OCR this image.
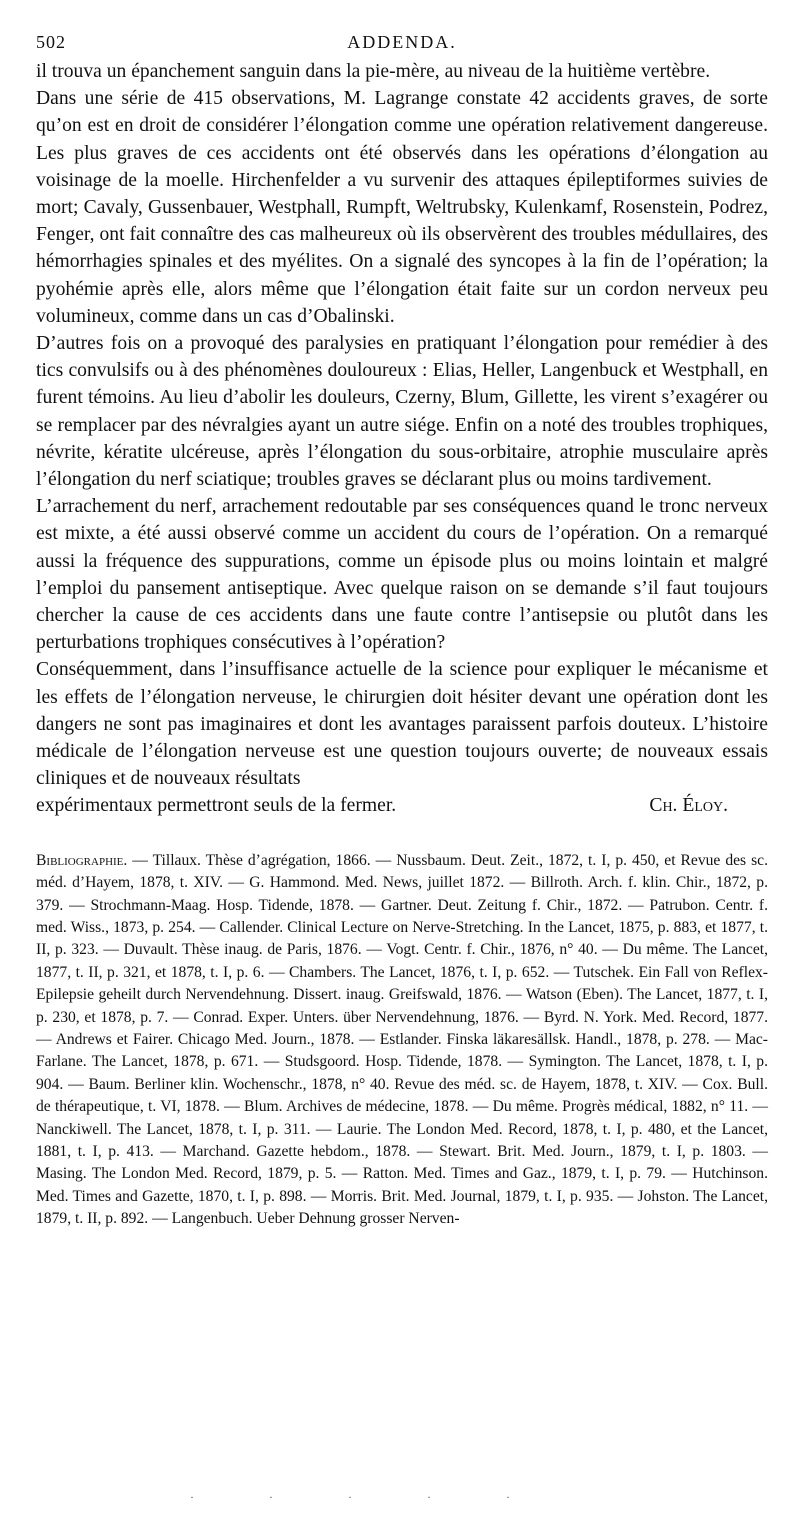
502	ADDENDA.

il trouva un épanchement sanguin dans la pie-mère, au niveau de la huitième vertèbre.

Dans une série de 415 observations, M. Lagrange constate 42 accidents graves, de sorte qu’on est en droit de considérer l’élongation comme une opération relativement dangereuse. Les plus graves de ces accidents ont été observés dans les opérations d’élongation au voisinage de la moelle. Hirchenfelder a vu survenir des attaques épileptiformes suivies de mort; Cavaly, Gussenbauer, Westphall, Rumpft, Weltrubsky, Kulenkamf, Rosenstein, Podrez, Fenger, ont fait connaître des cas malheureux où ils observèrent des troubles médullaires, des hémorrhagies spinales et des myélites. On a signalé des syncopes à la fin de l’opération; la pyohémie après elle, alors même que l’élongation était faite sur un cordon nerveux peu volumineux, comme dans un cas d’Obalinski.

D’autres fois on a provoqué des paralysies en pratiquant l’élongation pour remédier à des tics convulsifs ou à des phénomènes douloureux : Elias, Heller, Langenbuck et Westphall, en furent témoins. Au lieu d’abolir les douleurs, Czerny, Blum, Gillette, les virent s’exagérer ou se remplacer par des névralgies ayant un autre siége. Enfin on a noté des troubles trophiques, névrite, kératite ulcéreuse, après l’élongation du sous-orbitaire, atrophie musculaire après l’élongation du nerf sciatique; troubles graves se déclarant plus ou moins tardivement.

L’arrachement du nerf, arrachement redoutable par ses conséquences quand le tronc nerveux est mixte, a été aussi observé comme un accident du cours de l’opération. On a remarqué aussi la fréquence des suppurations, comme un épisode plus ou moins lointain et malgré l’emploi du pansement antiseptique. Avec quelque raison on se demande s’il faut toujours chercher la cause de ces accidents dans une faute contre l’antisepsie ou plutôt dans les perturbations trophiques consécutives à l’opération?

Conséquemment, dans l’insuffisance actuelle de la science pour expliquer le mécanisme et les effets de l’élongation nerveuse, le chirurgien doit hésiter devant une opération dont les dangers ne sont pas imaginaires et dont les avantages paraissent parfois douteux. L’histoire médicale de l’élongation nerveuse est une question toujours ouverte; de nouveaux essais cliniques et de nouveaux résultats

expérimentaux permettront seuls de la fermer.	Ch. Éloy.

Bibliographie. — Tillaux. Thèse d’agrégation, 1866. — Nussbaum. Deut. Zeit., 1872, t. I, p. 450, et Revue des sc. méd. d’Hayem, 1878, t. XIV. — G. Hammond. Med. News, juillet 1872. — Billroth. Arch. f. klin. Chir., 1872, p. 379. — Strochmann-Maag. Hosp. Tidende, 1878. — Gartner. Deut. Zeitung f. Chir., 1872. — Patrubon. Centr. f. med. Wiss., 1873, p. 254. — Callender. Clinical Lecture on Nerve-Stretching. In the Lancet, 1875, p. 883, et 1877, t. II, p. 323. — Duvault. Thèse inaug. de Paris, 1876. — Vogt. Centr. f. Chir., 1876, n° 40. — Du même. The Lancet, 1877, t. II, p. 321, et 1878, t. I, p. 6. — Chambers. The Lancet, 1876, t. I, p. 652. — Tutschek. Ein Fall von Reflex-Epilepsie geheilt durch Nervendehnung. Dissert. inaug. Greifswald, 1876. — Watson (Eben). The Lancet, 1877, t. I, p. 230, et 1878, p. 7. — Conrad. Exper. Unters. über Nervendehnung, 1876. — Byrd. N. York. Med. Record, 1877. — Andrews et Fairer. Chicago Med. Journ., 1878. — Estlander. Finska läkaresällsk. Handl., 1878, p. 278. — Mac-Farlane. The Lancet, 1878, p. 671. — Studsgoord. Hosp. Tidende, 1878. — Symington. The Lancet, 1878, t. I, p. 904. — Baum. Berliner klin. Wochenschr., 1878, n° 40. Revue des méd. sc. de Hayem, 1878, t. XIV. — Cox. Bull. de thérapeutique, t. VI, 1878. — Blum. Archives de médecine, 1878. — Du même. Progrès médical, 1882, n° 11. — Nanckiwell. The Lancet, 1878, t. I, p. 311. — Laurie. The London Med. Record, 1878, t. I, p. 480, et the Lancet, 1881, t. I, p. 413. — Marchand. Gazette hebdom., 1878. — Stewart. Brit. Med. Journ., 1879, t. I, p. 1803. — Masing. The London Med. Record, 1879, p. 5. — Ratton. Med. Times and Gaz., 1879, t. I, p. 79. — Hutchinson. Med. Times and Gazette, 1870, t. I, p. 898. — Morris. Brit. Med. Journal, 1879, t. I, p. 935. — Johston. The Lancet, 1879, t. II, p. 892. — Langenbuch. Ueber Dehnung grosser Nerven-

· · · · ·
